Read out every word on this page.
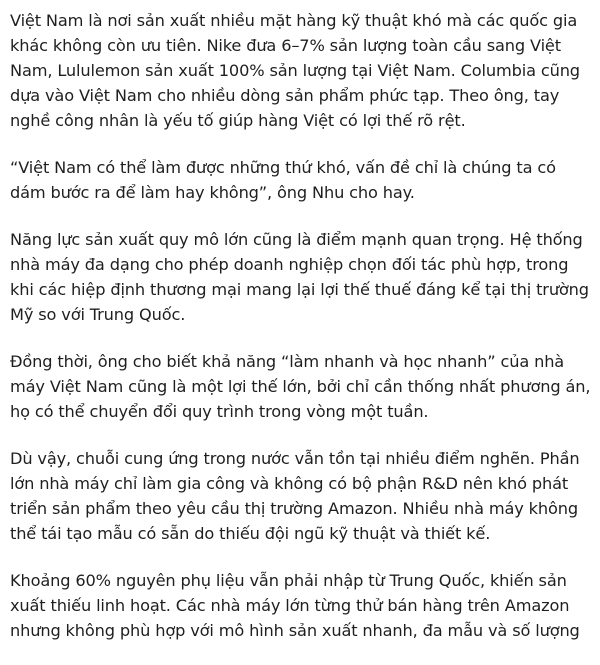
Việt Nam là nơi sản xuất nhiều mặt hàng kỹ thuật khó mà các quốc gia khác không còn ưu tiên. Nike đưa 6–7% sản lượng toàn cầu sang Việt Nam, Lululemon sản xuất 100% sản lượng tại Việt Nam. Columbia cũng dựa vào Việt Nam cho nhiều dòng sản phẩm phức tạp. Theo ông, tay nghề công nhân là yếu tố giúp hàng Việt có lợi thế rõ rệt.

“Việt Nam có thể làm được những thứ khó, vấn đề chỉ là chúng ta có dám bước ra để làm hay không”, ông Nhu cho hay.

Năng lực sản xuất quy mô lớn cũng là điểm mạnh quan trọng. Hệ thống nhà máy đa dạng cho phép doanh nghiệp chọn đối tác phù hợp, trong khi các hiệp định thương mại mang lại lợi thế thuế đáng kể tại thị trường Mỹ so với Trung Quốc.

Đồng thời, ông cho biết khả năng “làm nhanh và học nhanh” của nhà máy Việt Nam cũng là một lợi thế lớn, bởi chỉ cần thống nhất phương án, họ có thể chuyển đổi quy trình trong vòng một tuần.

Dù vậy, chuỗi cung ứng trong nước vẫn tồn tại nhiều điểm nghẽn. Phần lớn nhà máy chỉ làm gia công và không có bộ phận R&D nên khó phát triển sản phẩm theo yêu cầu thị trường Amazon. Nhiều nhà máy không thể tái tạo mẫu có sẵn do thiếu đội ngũ kỹ thuật và thiết kế.

Khoảng 60% nguyên phụ liệu vẫn phải nhập từ Trung Quốc, khiến sản xuất thiếu linh hoạt. Các nhà máy lớn từng thử bán hàng trên Amazon nhưng không phù hợp với mô hình sản xuất nhanh, đa mẫu và số lượng
